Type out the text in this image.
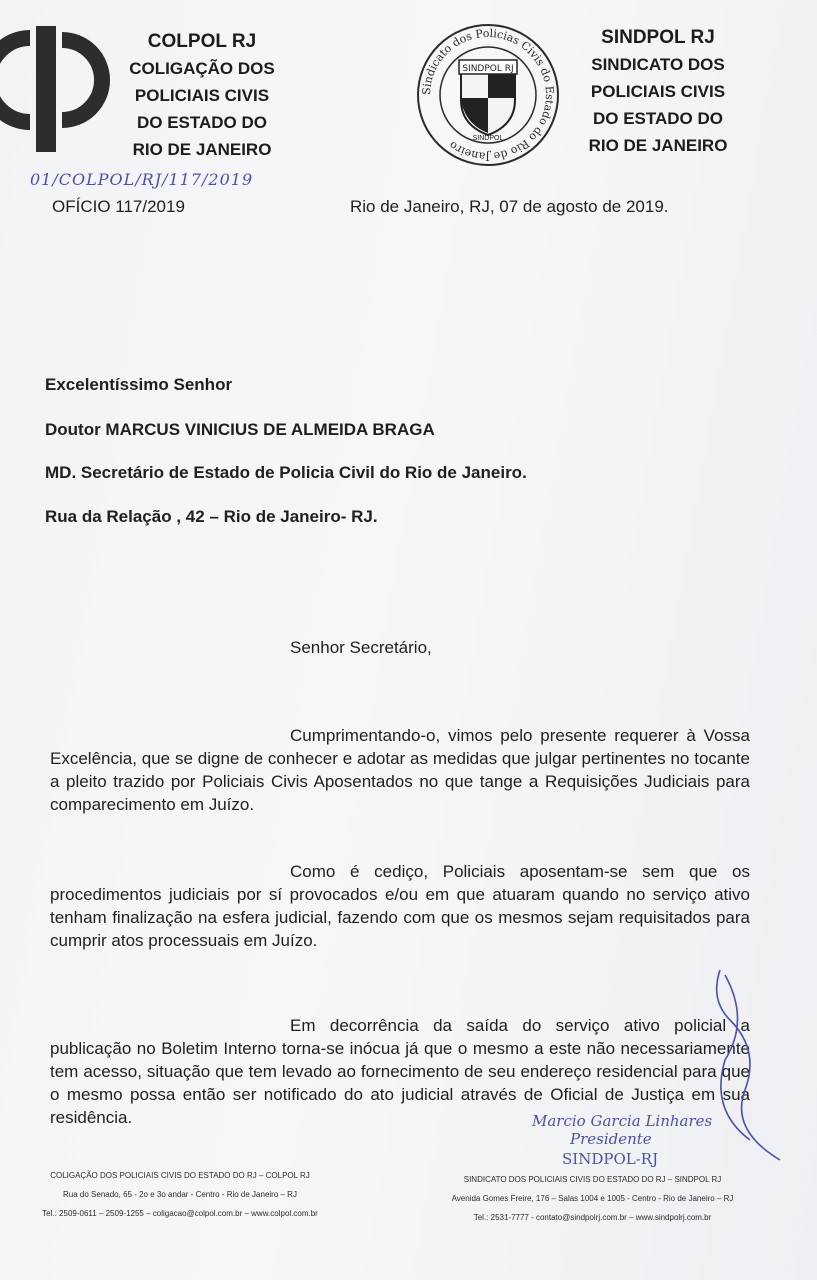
COLPOL RJ
COLIGAÇÃO DOS
POLICIAIS CIVIS
DO ESTADO DO
RIO DE JANEIRO
Sindicato dos Policias Civis do Estado do Rio de Janeiro
SINDPOL RJ
RJ
SINDPOL
SINDPOL RJ
SINDICATO DOS
POLICIAIS CIVIS
DO ESTADO DO
RIO DE JANEIRO
01/COLPOL/RJ/117/2019
OFÍCIO 117/2019	Rio de Janeiro, RJ, 07 de agosto de 2019.
Excelentíssimo Senhor
Doutor MARCUS VINICIUS DE ALMEIDA BRAGA
MD. Secretário de Estado de Policia Civil do Rio de Janeiro.
Rua da Relação , 42 – Rio de Janeiro- RJ.
Senhor Secretário,
Cumprimentando-o, vimos pelo presente requerer à Vossa Excelência, que se digne de conhecer e adotar as medidas que julgar pertinentes no tocante a pleito trazido por Policiais Civis Aposentados no que tange a Requisições Judiciais para comparecimento em Juízo.
Como é cediço, Policiais aposentam-se sem que os procedimentos judiciais por sí provocados e/ou em que atuaram quando no serviço ativo tenham finalização na esfera judicial, fazendo com que os mesmos sejam requisitados para cumprir atos processuais em Juízo.
Em decorrência da saída do serviço ativo policial a publicação no Boletim Interno torna-se inócua já que o mesmo a este não necessariamente tem acesso, situação que tem levado ao fornecimento de seu endereço residencial para que o mesmo possa então ser notificado do ato judicial através de Oficial de Justiça em sua residência.	Marcio Garcia Linhares
Presidente
SINDPOL-RJ
COLIGAÇÃO DOS POLICIAIS CIVIS DO ESTADO DO RJ – COLPOL RJ
Rua do Senado, 65 - 2o e 3o andar - Centro - Rio de Janeiro – RJ
Tel.: 2509-0611 – 2509-1255 – coligacao@colpol.com.br – www.colpol.com.br
SINDICATO DOS POLICIAIS CIVIS DO ESTADO DO RJ – SINDPOL RJ
Avenida Gomes Freire, 176 – Salas 1004 e 1005 - Centro - Rio de Janeiro – RJ
Tel.: 2531-7777 - contato@sindpolrj.com.br – www.sindpolrj.com.br
